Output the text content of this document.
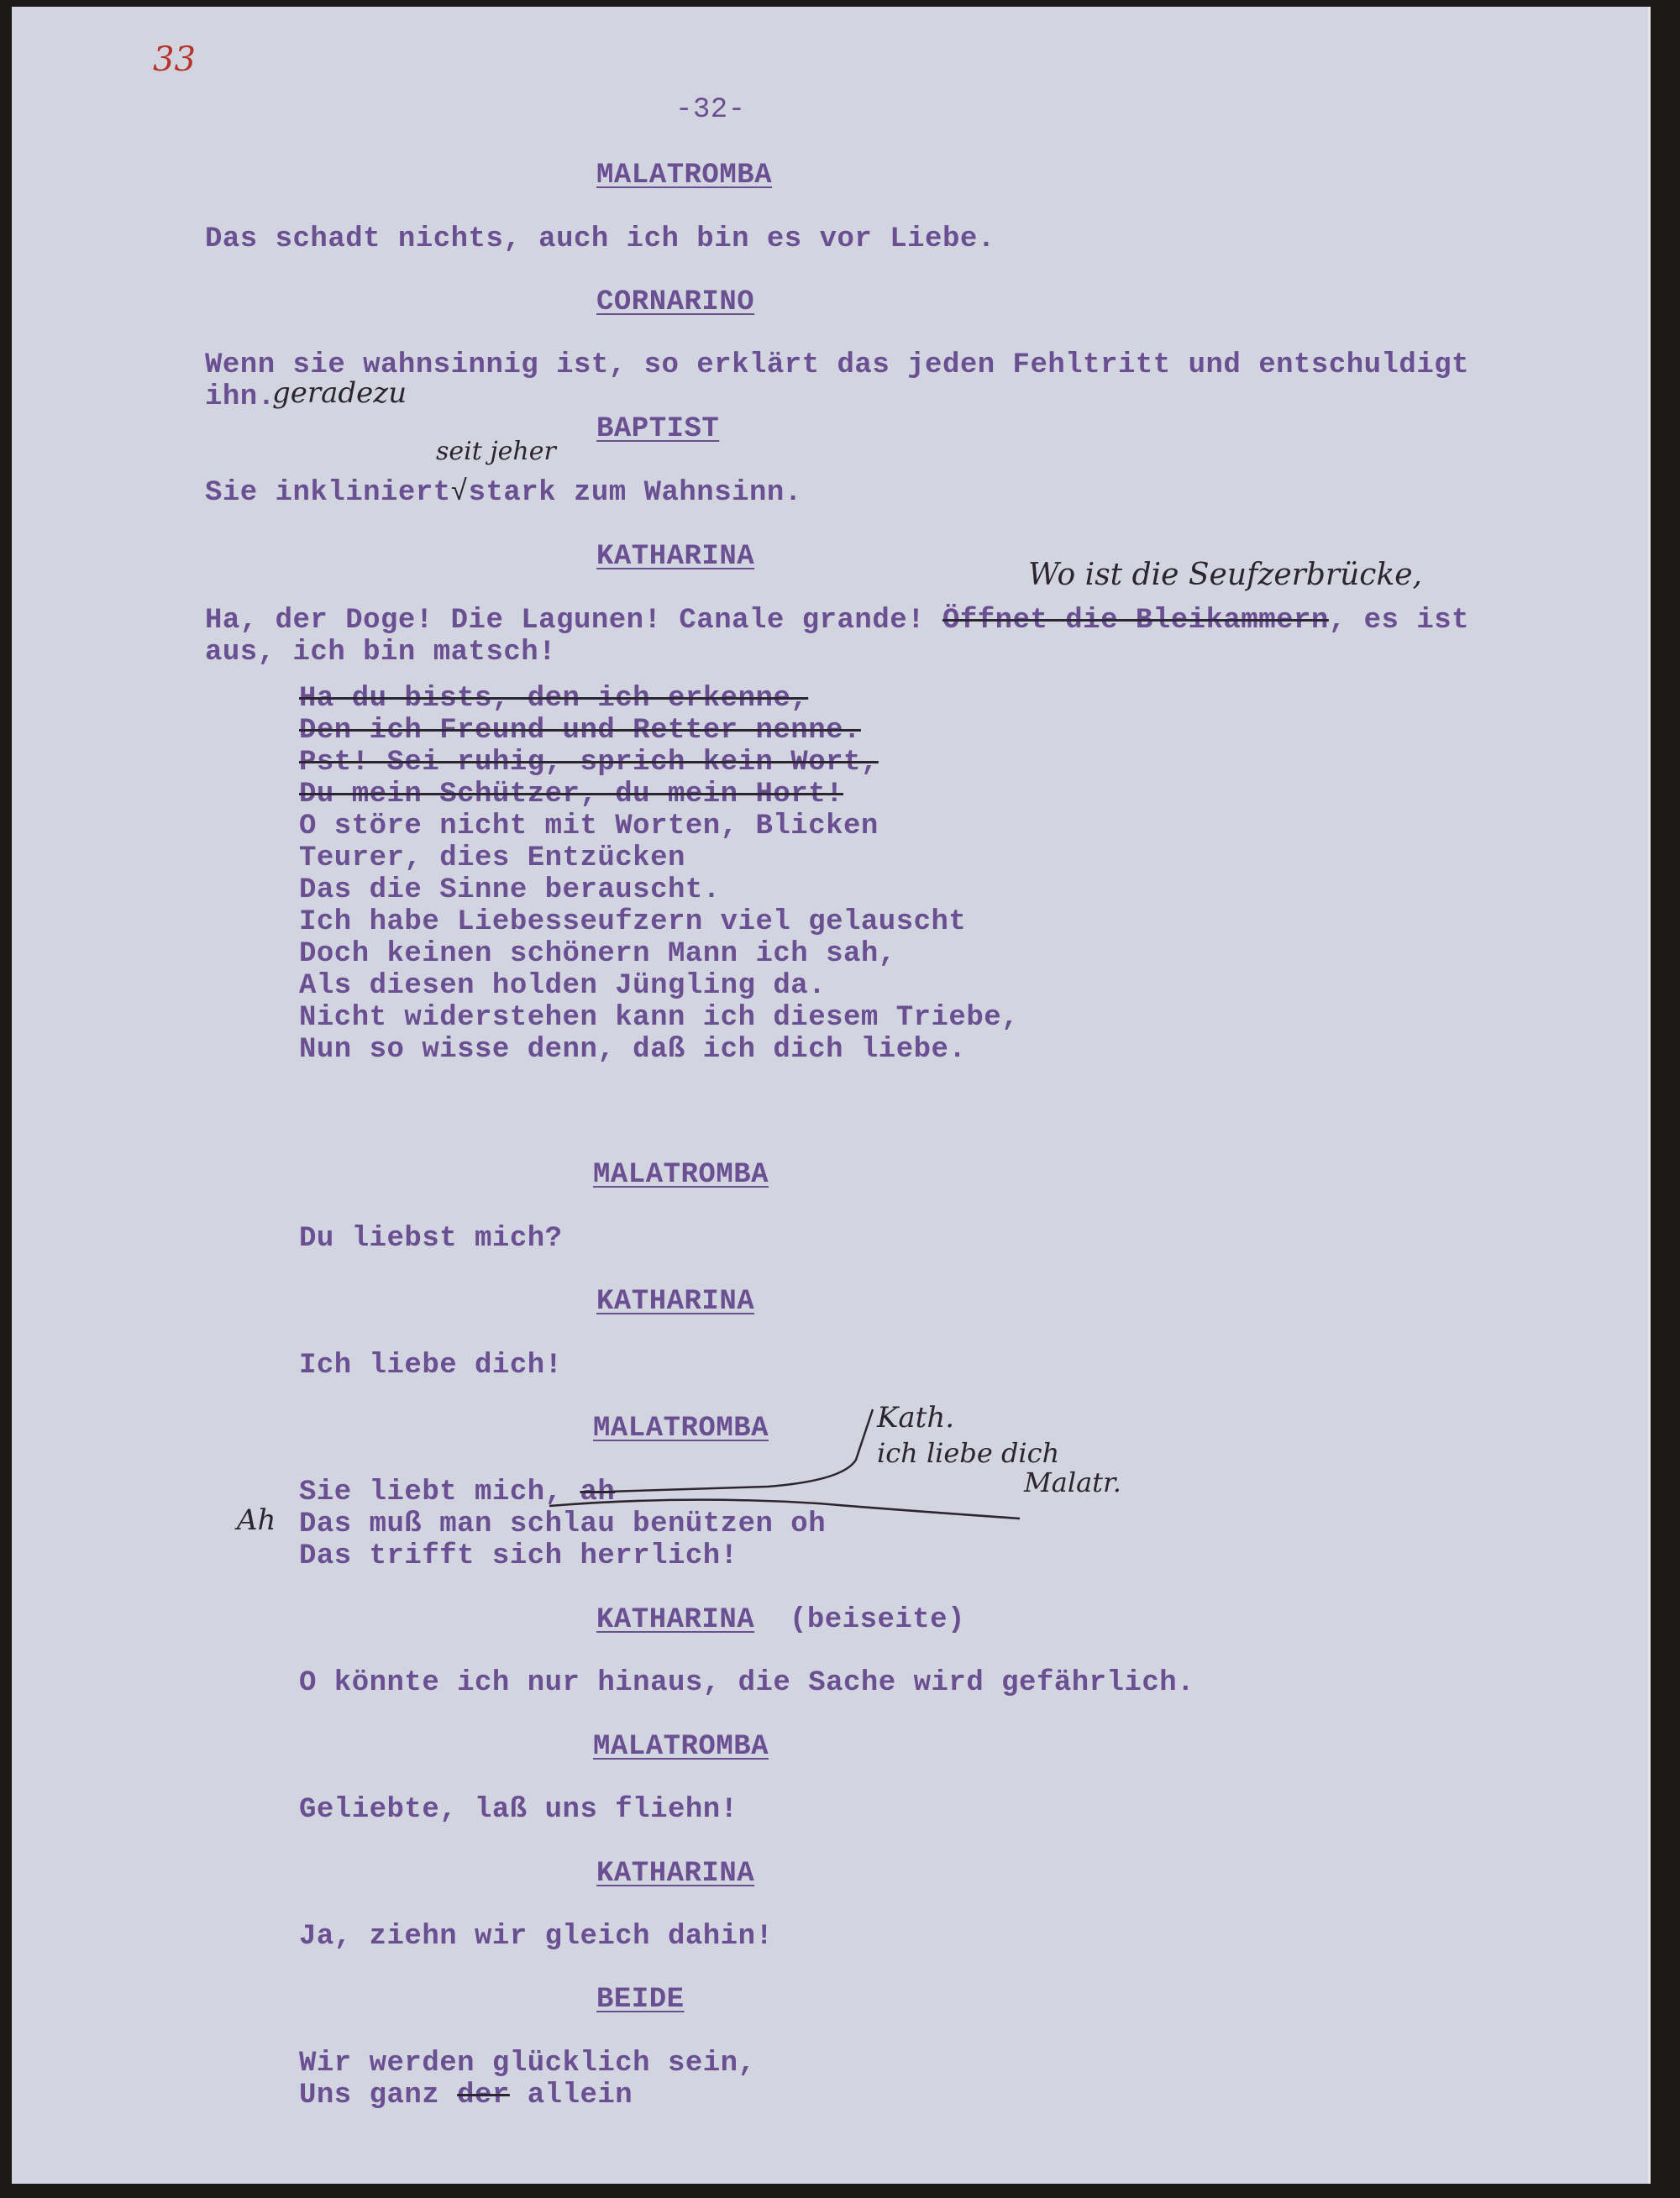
33
-32-
MALATROMBA
Das schadt nichts, auch ich bin es vor Liebe.
CORNARINO
Wenn sie wahnsinnig ist, so erklärt das jeden Fehltritt und entschuldigt
ihn.
geradezu
BAPTIST
seit jeher
Sie inkliniert√stark zum Wahnsinn.
KATHARINA
Wo ist die Seufzerbrücke,
Ha, der Doge! Die Lagunen! Canale grande! Öffnet die Bleikammern, es ist
aus, ich bin matsch!
Ha du bists, den ich erkenne,
Den ich Freund und Retter nenne.
Pst! Sei ruhig, sprich kein Wort,
Du mein Schützer, du mein Hort!
O störe nicht mit Worten, Blicken
Teurer, dies Entzücken
Das die Sinne berauscht.
Ich habe Liebesseufzern viel gelauscht
Doch keinen schönern Mann ich sah,
Als diesen holden Jüngling da.
Nicht widerstehen kann ich diesem Triebe,
Nun so wisse denn, daß ich dich liebe.
MALATROMBA
Du liebst mich?
KATHARINA
Ich liebe dich!
MALATROMBA	Kath.
ich liebe dich
Malatr.
Sie liebt mich, ah
Ah Das muß man schlau benützen oh
Das trifft sich herrlich!
KATHARINA (beiseite)
O könnte ich nur hinaus, die Sache wird gefährlich.
MALATROMBA
Geliebte, laß uns fliehn!
KATHARINA
Ja, ziehn wir gleich dahin!
BEIDE
Wir werden glücklich sein,
Uns ganz der allein
